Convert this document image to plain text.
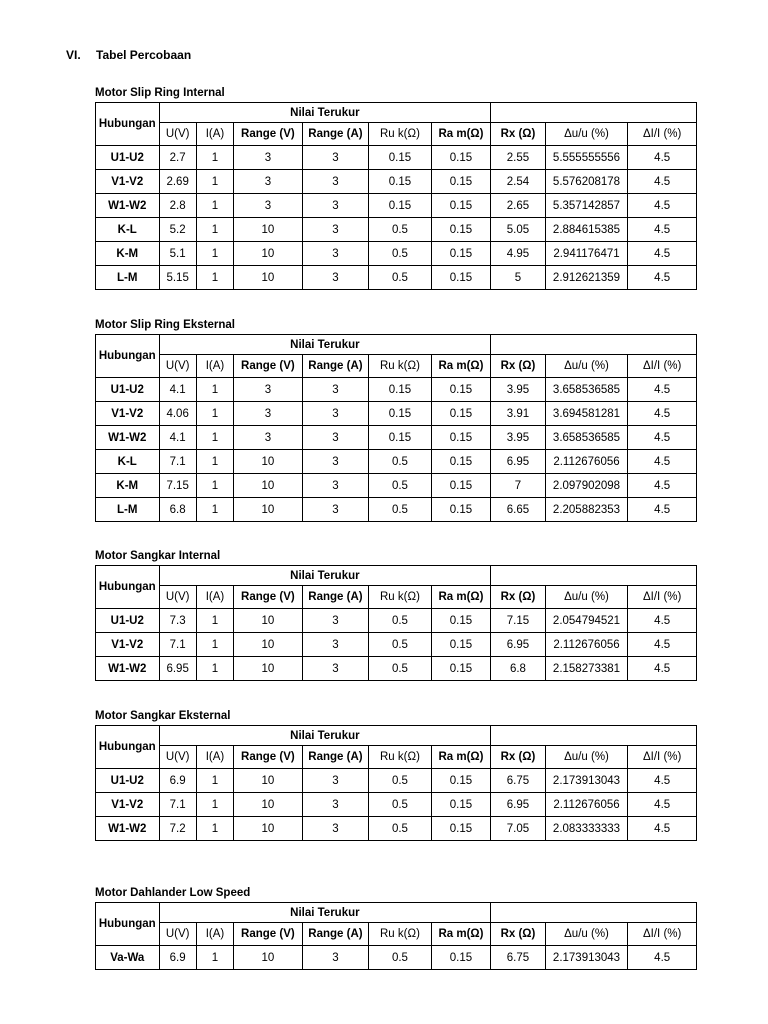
VI.	Tabel Percobaan
Motor Slip Ring Internal
Hubungan	Nilai Terukur								
	U(V)	I(A)	Range (V)	Range (A)	Ru k(Ω)	Ra m(Ω)	Rx (Ω)	Δu/u (%)	ΔI/I (%)
U1-U2	2.7	1	3	3	0.15	0.15	2.55	5.555555556	4.5
V1-V2	2.69	1	3	3	0.15	0.15	2.54	5.576208178	4.5
W1-W2	2.8	1	3	3	0.15	0.15	2.65	5.357142857	4.5
K-L	5.2	1	10	3	0.5	0.15	5.05	2.884615385	4.5
K-M	5.1	1	10	3	0.5	0.15	4.95	2.941176471	4.5
L-M	5.15	1	10	3	0.5	0.15	5	2.912621359	4.5
Motor Slip Ring Eksternal
Hubungan	Nilai Terukur								
	U(V)	I(A)	Range (V)	Range (A)	Ru k(Ω)	Ra m(Ω)	Rx (Ω)	Δu/u (%)	ΔI/I (%)
U1-U2	4.1	1	3	3	0.15	0.15	3.95	3.658536585	4.5
V1-V2	4.06	1	3	3	0.15	0.15	3.91	3.694581281	4.5
W1-W2	4.1	1	3	3	0.15	0.15	3.95	3.658536585	4.5
K-L	7.1	1	10	3	0.5	0.15	6.95	2.112676056	4.5
K-M	7.15	1	10	3	0.5	0.15	7	2.097902098	4.5
L-M	6.8	1	10	3	0.5	0.15	6.65	2.205882353	4.5
Motor Sangkar Internal
Hubungan	Nilai Terukur								
	U(V)	I(A)	Range (V)	Range (A)	Ru k(Ω)	Ra m(Ω)	Rx (Ω)	Δu/u (%)	ΔI/I (%)
U1-U2	7.3	1	10	3	0.5	0.15	7.15	2.054794521	4.5
V1-V2	7.1	1	10	3	0.5	0.15	6.95	2.112676056	4.5
W1-W2	6.95	1	10	3	0.5	0.15	6.8	2.158273381	4.5
Motor Sangkar Eksternal
Hubungan	Nilai Terukur								
	U(V)	I(A)	Range (V)	Range (A)	Ru k(Ω)	Ra m(Ω)	Rx (Ω)	Δu/u (%)	ΔI/I (%)
U1-U2	6.9	1	10	3	0.5	0.15	6.75	2.173913043	4.5
V1-V2	7.1	1	10	3	0.5	0.15	6.95	2.112676056	4.5
W1-W2	7.2	1	10	3	0.5	0.15	7.05	2.083333333	4.5
Motor Dahlander Low Speed
Hubungan	Nilai Terukur								
	U(V)	I(A)	Range (V)	Range (A)	Ru k(Ω)	Ra m(Ω)	Rx (Ω)	Δu/u (%)	ΔI/I (%)
Va-Wa	6.9	1	10	3	0.5	0.15	6.75	2.173913043	4.5
